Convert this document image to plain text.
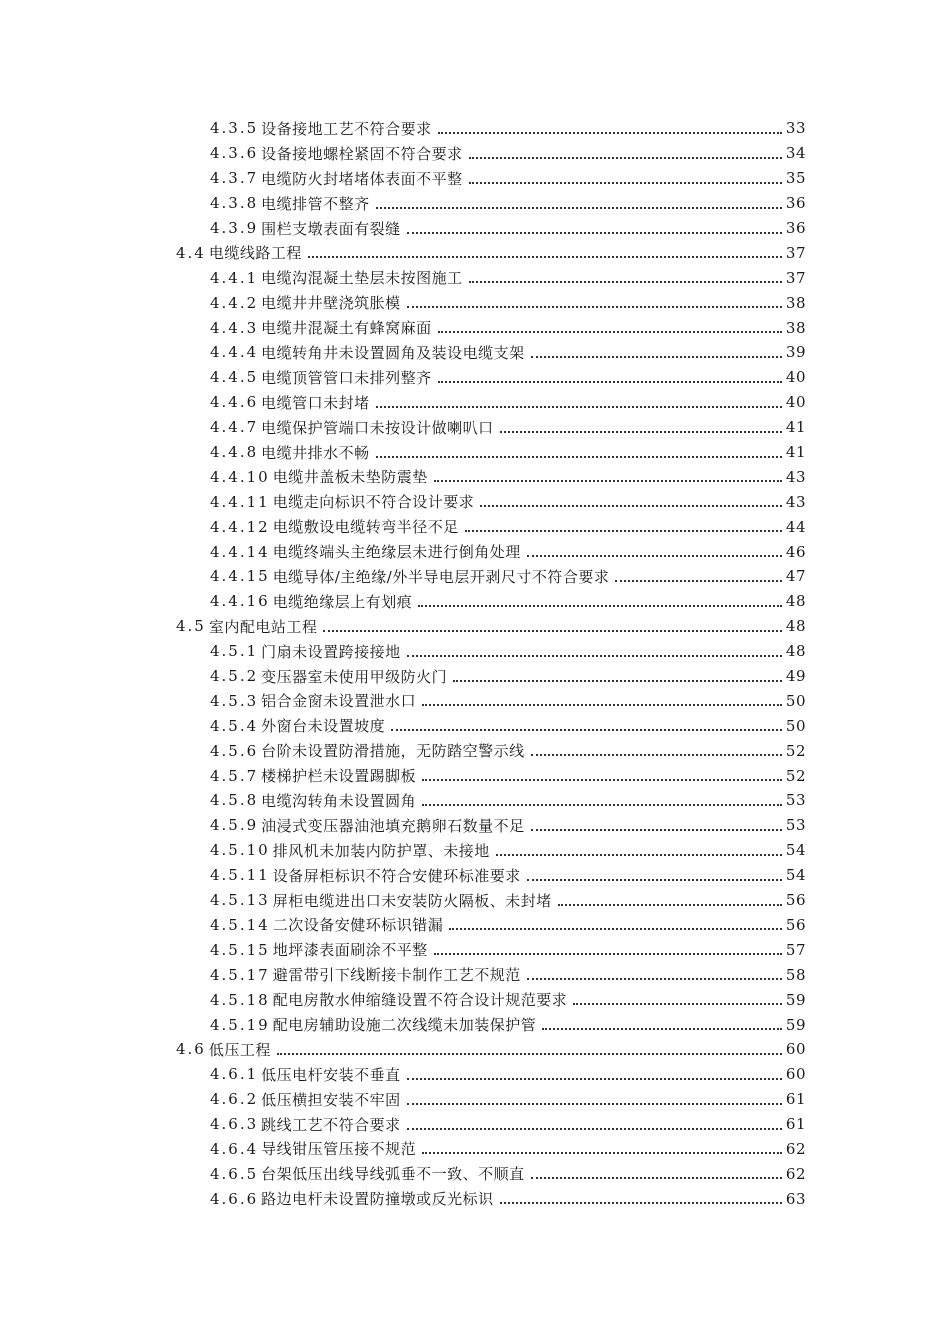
4.3.5 设备接地工艺不符合要求	33
4.3.6 设备接地螺栓紧固不符合要求	34
4.3.7 电缆防火封堵堵体表面不平整	35
4.3.8 电缆排管不整齐	36
4.3.9 围栏支墩表面有裂缝	36
4.4 电缆线路工程	37
4.4.1 电缆沟混凝土垫层未按图施工	37
4.4.2 电缆井井壁浇筑胀模	38
4.4.3 电缆井混凝土有蜂窝麻面	38
4.4.4 电缆转角井未设置圆角及装设电缆支架	39
4.4.5 电缆顶管管口未排列整齐	40
4.4.6 电缆管口未封堵	40
4.4.7 电缆保护管端口未按设计做喇叭口	41
4.4.8 电缆井排水不畅	41
4.4.10 电缆井盖板未垫防震垫	43
4.4.11 电缆走向标识不符合设计要求	43
4.4.12 电缆敷设电缆转弯半径不足	44
4.4.14 电缆终端头主绝缘层未进行倒角处理	46
4.4.15 电缆导体/主绝缘/外半导电层开剥尺寸不符合要求	47
4.4.16 电缆绝缘层上有划痕	48
4.5 室内配电站工程	48
4.5.1 门扇未设置跨接接地	48
4.5.2 变压器室未使用甲级防火门	49
4.5.3 铝合金窗未设置泄水口	50
4.5.4 外窗台未设置坡度	50
4.5.6 台阶未设置防滑措施，无防踏空警示线	52
4.5.7 楼梯护栏未设置踢脚板	52
4.5.8 电缆沟转角未设置圆角	53
4.5.9 油浸式变压器油池填充鹅卵石数量不足	53
4.5.10 排风机未加装内防护罩、未接地	54
4.5.11 设备屏柜标识不符合安健环标准要求	54
4.5.13 屏柜电缆进出口未安装防火隔板、未封堵	56
4.5.14 二次设备安健环标识错漏	56
4.5.15 地坪漆表面刷涂不平整	57
4.5.17 避雷带引下线断接卡制作工艺不规范	58
4.5.18 配电房散水伸缩缝设置不符合设计规范要求	59
4.5.19 配电房辅助设施二次线缆未加装保护管	59
4.6 低压工程	60
4.6.1 低压电杆安装不垂直	60
4.6.2 低压横担安装不牢固	61
4.6.3 跳线工艺不符合要求	61
4.6.4 导线钳压管压接不规范	62
4.6.5 台架低压出线导线弧垂不一致、不顺直	62
4.6.6 路边电杆未设置防撞墩或反光标识	63
